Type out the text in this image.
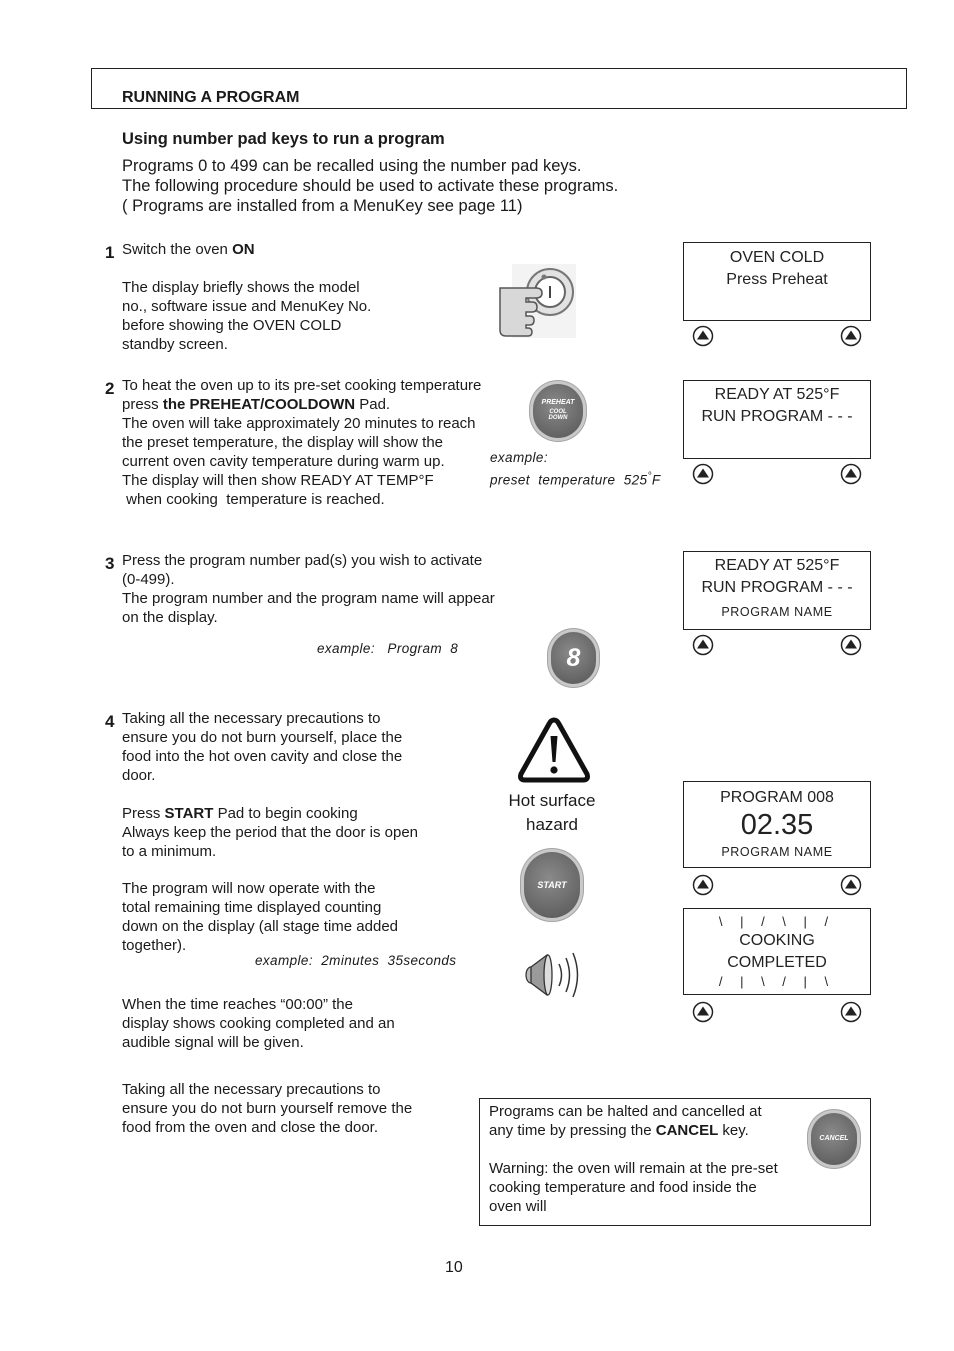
RUNNING A PROGRAM
Using number pad keys to run a program
Programs 0 to 499 can be recalled using the number pad keys.
The following procedure should be used to activate these programs.
( Programs are installed from a MenuKey see page 11)
1 Switch the oven ON
The display briefly shows the model
no., software issue and MenuKey No.
before showing the OVEN COLD
standby screen.
OVEN COLD
Press Preheat
2 To heat the oven up to its pre-set cooking temperature
press the PREHEAT/COOLDOWN Pad.
The oven will take approximately 20 minutes to reach
the preset temperature, the display will show the
current oven cavity temperature during warm up.
The display will then show READY AT TEMP°F
when cooking  temperature is reached.
PREHEAT
COOL
DOWN
example:
preset  temperature  525°F
READY AT 525°F
RUN PROGRAM - - -
3 Press the program number pad(s) you wish to activate
(0-499).
The program number and the program name will appear
on the display.
example:   Program  8	8
READY AT 525°F
RUN PROGRAM - - -
PROGRAM NAME
4 Taking all the necessary precautions to
ensure you do not burn yourself, place the
food into the hot oven cavity and close the
door.
Press START Pad to begin cooking
Always keep the period that the door is open
to a minimum.
The program will now operate with the
total remaining time displayed counting
down on the display (all stage time added
together).
example:  2minutes  35seconds
When the time reaches “00:00” the
display shows cooking completed and an
audible signal will be given.
Hot surface
hazard
START
PROGRAM 008
02.35
PROGRAM NAME
\ | / \ | /
COOKING
COMPLETED
/ | \ / | \
Taking all the necessary precautions to
ensure you do not burn yourself remove the
food from the oven and close the door.
Programs can be halted and cancelled at
any time by pressing the CANCEL key.
Warning: the oven will remain at the pre-set
cooking temperature and food inside the
oven will
CANCEL
10
